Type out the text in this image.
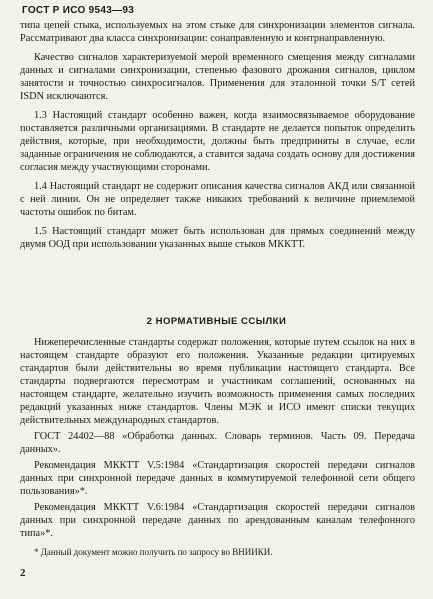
ГОСТ Р ИСО 9543—93

типа цепей стыка, используемых на этом стыке для синхронизации элементов сигнала. Рассматривают два класса синхронизации: сонаправленную и контрнаправленную.

Качество сигналов характеризуемой мерой временного смещения между сигналами данных и сигналами синхронизации, степенью фазового дрожания сигналов, циклом занятости и точностью синхросигналов. Применения для эталонной точки S/T сетей ISDN исключаются.

1.3 Настоящий стандарт особенно важен, когда взаимосвязываемое оборудование поставляется различными организациями. В стандарте не делается попыток определить действия, которые, при необходимости, должны быть предприняты в случае, если заданные ограничения не соблюдаются, а ставится задача создать основу для достижения согласия между участвующими сторонами.

1.4 Настоящий стандарт не содержит описания качества сигналов АКД или связанной с ней линии. Он не определяет также никаких требований к величине приемлемой частоты ошибок по битам.

1.5 Настоящий стандарт может быть использован для прямых соединений между двумя ООД при использовании указанных выше стыков МККТТ.

2 НОРМАТИВНЫЕ ССЫЛКИ

Нижеперечисленные стандарты содержат положения, которые путем ссылок на них в настоящем стандарте образуют его положения. Указанные редакции цитируемых стандартов были действительны во время публикации настоящего стандарта. Все стандарты подвергаются пересмотрам и участникам соглашений, основанных на настоящем стандарте, желательно изучить возможность применения самых последних редакций указанных ниже стандартов. Члены МЭК и ИСО имеют списки текущих действительных международных стандартов.

ГОСТ 24402—88 «Обработка данных. Словарь терминов. Часть 09. Передача данных».

Рекомендация МККТТ V.5:1984 «Стандартизация скоростей передачи сигналов данных при синхронной передаче данных в коммутируемой телефонной сети общего пользования»*.

Рекомендация МККТТ V.6:1984 «Стандартизация скоростей передачи сигналов данных при синхронной передаче данных по арендованным каналам телефонного типа»*.

* Данный документ можно получить по запросу во ВНИИКИ.
2
